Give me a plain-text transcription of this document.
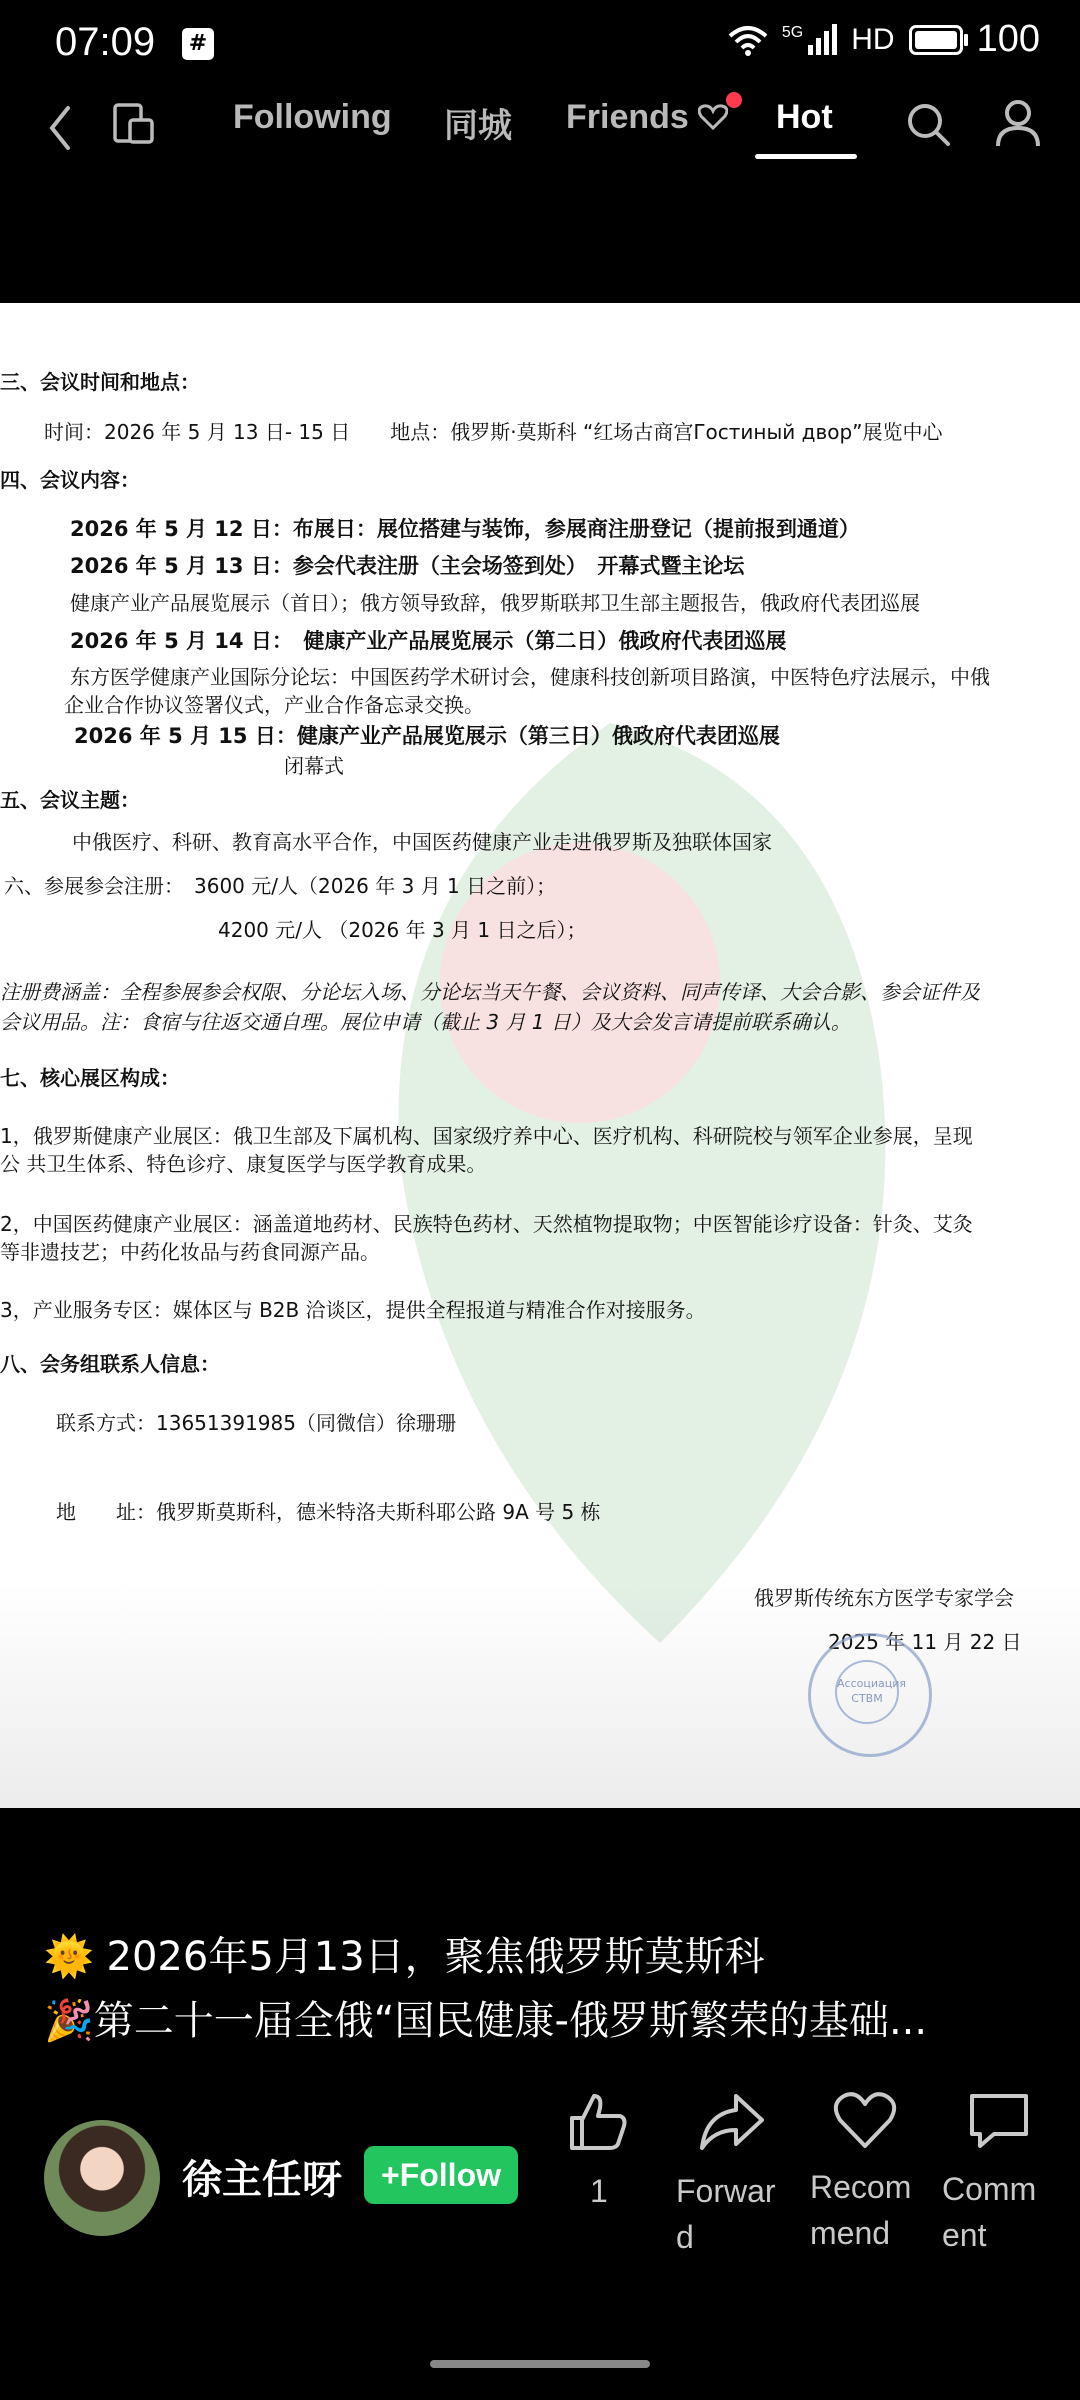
07:09	#	5G HD 100
Following 同城 Friends	Hot
三、会议时间和地点：
时间：2026 年 5 月 13 日- 15 日　　地点：俄罗斯·莫斯科 “红场古商宫Гостиный двор”展览中心
四、会议内容：
2026 年 5 月 12 日：布展日：展位搭建与装饰，参展商注册登记（提前报到通道）
2026 年 5 月 13 日：参会代表注册（主会场签到处）　开幕式暨主论坛
健康产业产品展览展示（首日）；俄方领导致辞，俄罗斯联邦卫生部主题报告，俄政府代表团巡展
2026 年 5 月 14 日：　健康产业产品展览展示（第二日）俄政府代表团巡展
东方医学健康产业国际分论坛：中国医药学术研讨会，健康科技创新项目路演，中医特色疗法展示，中俄
企业合作协议签署仪式，产业合作备忘录交换。
2026 年 5 月 15 日：健康产业产品展览展示（第三日）俄政府代表团巡展
闭幕式
五、会议主题：
中俄医疗、科研、教育高水平合作，中国医药健康产业走进俄罗斯及独联体国家
六、参展参会注册：　3600 元/人（2026 年 3 月 1 日之前）；
4200 元/人 （2026 年 3 月 1 日之后）；
注册费涵盖：全程参展参会权限、分论坛入场、分论坛当天午餐、会议资料、同声传译、大会合影、参会证件及
会议用品。注：食宿与往返交通自理。展位申请（截止 3 月 1 日）及大会发言请提前联系确认。
七、核心展区构成：
1，俄罗斯健康产业展区：俄卫生部及下属机构、国家级疗养中心、医疗机构、科研院校与领军企业参展，呈现
公 共卫生体系、特色诊疗、康复医学与医学教育成果。
2，中国医药健康产业展区：涵盖道地药材、民族特色药材、天然植物提取物；中医智能诊疗设备：针灸、艾灸
等非遗技艺；中药化妆品与药食同源产品。
3，产业服务专区：媒体区与 B2B 洽谈区，提供全程报道与精准合作对接服务。
八、会务组联系人信息：
联系方式：13651391985（同微信）徐珊珊
地　　址：俄罗斯莫斯科，德米特洛夫斯科耶公路 9A 号 5 栋
俄罗斯传统东方医学专家学会
2025 年 11 月 22 日
Ассоциация СТВМ
🌞 2026年5月13日，聚焦俄罗斯莫斯科
🎉第二十一届全俄“国民健康-俄罗斯繁荣的基础...
徐主任呀	+Follow	1	Forwar
d
Recom
mend
Comm
ent
